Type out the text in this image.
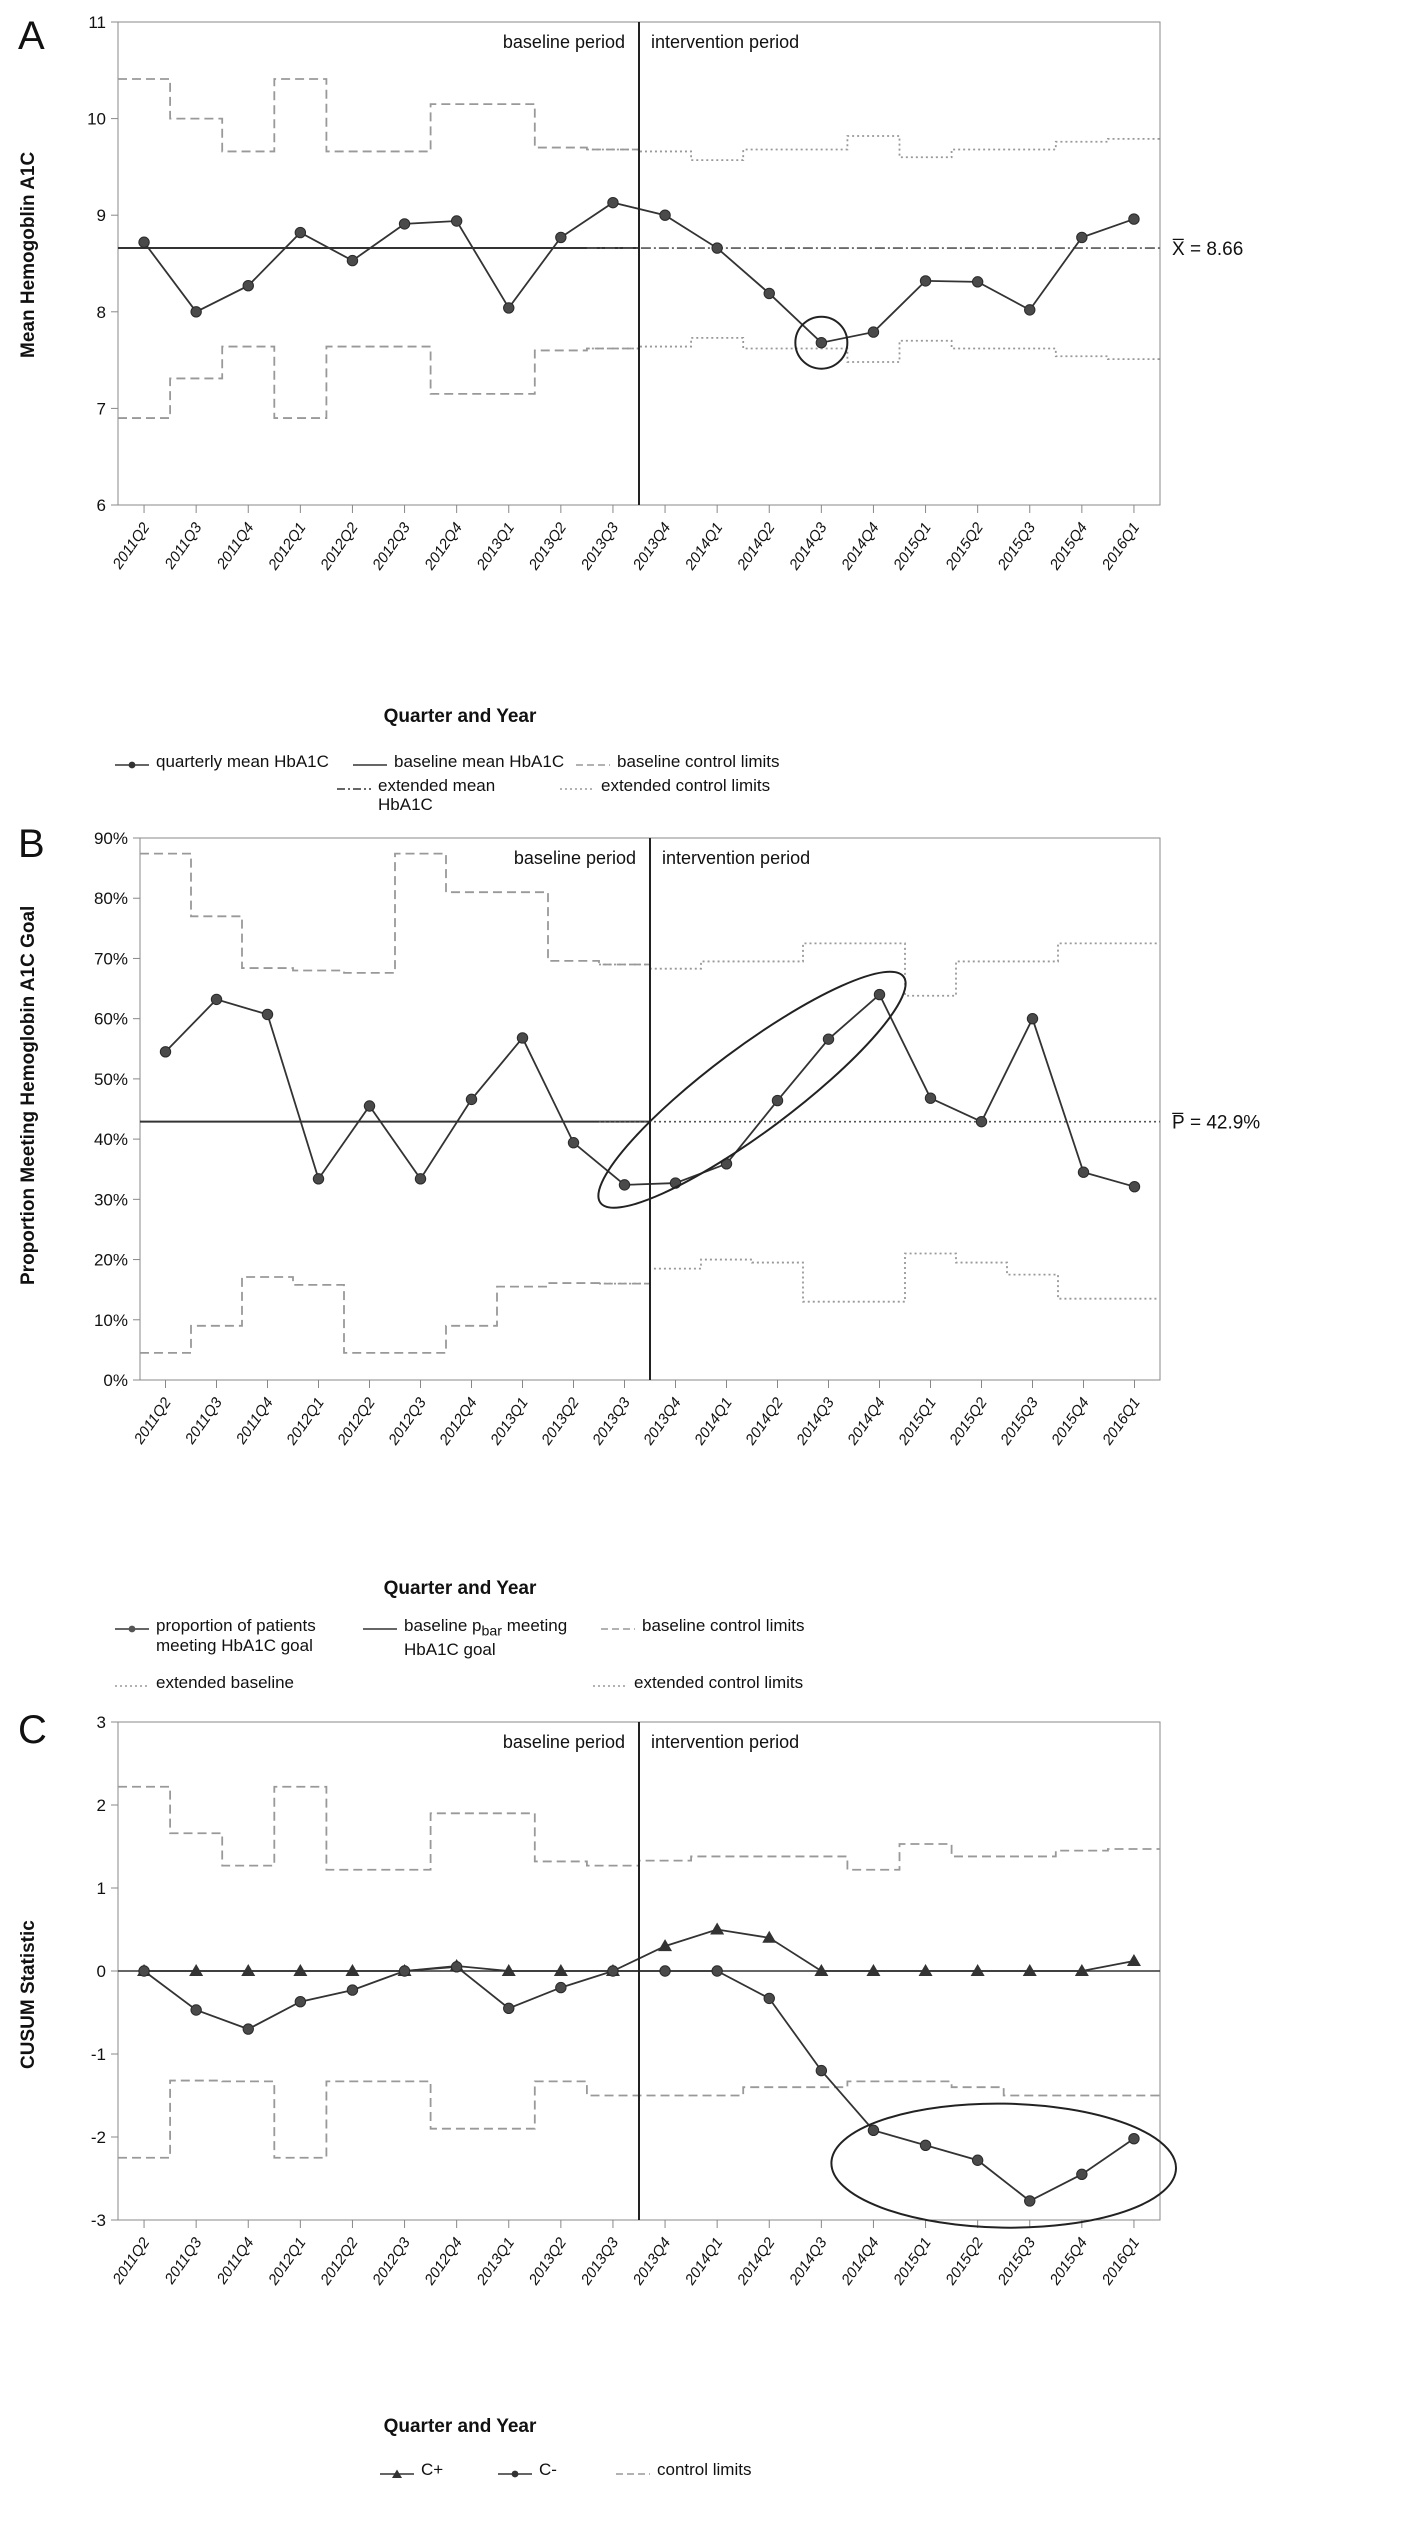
A
Mean Hemogoblin A1C
6
7
8
9
10
11
baseline period intervention period
X̅ = 8.66
2011Q2 2011Q3 2011Q4 2012Q1 2012Q2 2012Q3 2012Q4 2013Q1 2013Q2 2013Q3 2013Q4 2014Q1 2014Q2 2014Q3 2014Q4 2015Q1 2015Q2 2015Q3 2015Q4 2016Q1
Quarter and Year
quarterly mean HbA1C	baseline mean HbA1C	baseline control limits
extended mean HbA1C
extended control limits
B
Proportion Meeting Hemoglobin A1C Goal
0%
10%
20%
30%
40%
50%
60%
70%
80%
90%
baseline period intervention period
P̅ = 42.9%
2011Q2 2011Q3 2011Q4 2012Q1 2012Q2 2012Q3 2012Q4 2013Q1 2013Q2 2013Q3 2013Q4 2014Q1 2014Q2 2014Q3 2014Q4 2015Q1 2015Q2 2015Q3 2015Q4 2016Q1
Quarter and Year
proportion of patients
meeting HbA1C goal
baseline $p_{bar}$ meeting
HbA1C goal
baseline control limits
extended baseline	extended control limits
C
CUSUM Statistic
-3
-2
-1
0
1
2
3
baseline period intervention period
2011Q2 2011Q3 2011Q4 2012Q1 2012Q2 2012Q3 2012Q4 2013Q1 2013Q2 2013Q3 2013Q4 2014Q1 2014Q2 2014Q3 2014Q4 2015Q1 2015Q2 2015Q3 2015Q4 2016Q1
Quarter and Year
C+	C-	control limits
